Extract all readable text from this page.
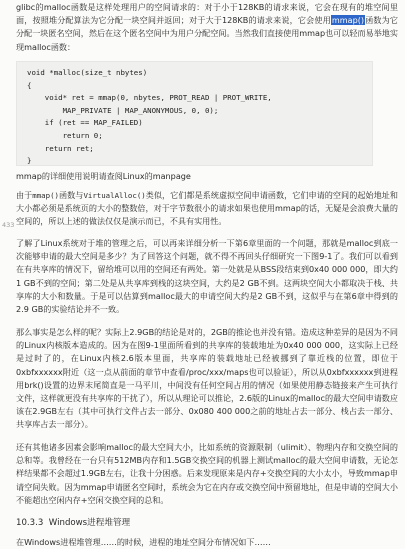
433
glibc的malloc函数是这样处理用户的空间请求的：对于小于128KB的请求来说，它会在现有的堆空间里面，按照堆分配算法为它分配一块空间并返回；对于大于128KB的请求来说，它会使用mmap()函数为它分配一块匿名空间，然后在这个匿名空间中为用户分配空间。当然我们直接使用mmap也可以轻而易举地实现malloc函数：
void *malloc(size_t nbytes)
{
void* ret = mmap(0, nbytes, PROT_READ | PROT_WRITE,
MAP_PRIVATE | MAP_ANONYMOUS, 0, 0);
if (ret == MAP_FAILED)
return 0;
return ret;
}
mmap的详细使用说明请查阅Linux的manpage
由于mmap()函数与VirtualAlloc()类似，它们都是系统虚拟空间申请函数，它们申请的空间的起始地址和大小都必须是系统页的大小的整数倍，对于字节数很小的请求如果也使用mmap的话，无疑是会浪费大量的空间的，所以上述的做法仅仅是演示而已，不具有实用性。
了解了Linux系统对于堆的管理之后，可以再来详细分析一下第6章里面的一个问题，那就是malloc到底一次能够申请的最大空间是多少？为了回答这个问题，就不得不再回头仔细研究一下图9-1了。我们可以看到在有共享库的情况下，留给堆可以用的空间还有两处。第一处就是从BSS段结束到0x40 000 000，即大约1 GB不到的空间；第二处是从共享库到栈的这块空间，大约是2 GB不到。这两块空间大小都取决于栈、共享库的大小和数量。于是可以估算到malloc最大的申请空间大约是2 GB不到，这似乎与在第6章中得到的2.9 GB的实验结论并不一致。
那么事实是怎么样的呢？实际上2.9GB的结论是对的，2GB的推论也并没有错。造成这种差异的是因为不同的Linux内核版本造成的。因为在图9-1里面所看到的共享库的装载地址为0x40 000 000，这实际上已经是过时了的，在Linux内核2.6版本里面，共享库的装载地址已经被挪到了靠近栈的位置，即位于0xbfxxxxxx附近（这一点从前面的章节中查看/proc/xxx/maps也可以验证），所以从0xbfxxxxxx到进程用brk()设置的边界末尾简直是一马平川，中间没有任何空间占用的情况（如果使用静态链接来产生可执行文件，这样就更没有共享库的干扰了），所以从理论可以推论，2.6版的Linux的malloc的最大空间申请数应该在2.9GB左右（其中可执行文件占去一部分、0x080 400 000之前的地址占去一部分、栈占去一部分、共享库占去一部分）。
还有其他诸多因素会影响malloc的最大空间大小，比如系统的资源限制（ulimit）、物理内存和交换空间的总和等。我曾经在一台只有512MB内存和1.5GB交换空间的机器上测试malloc的最大空间申请数，无论怎样结果都不会超过1.9GB左右，让我十分困惑。后来发现原来是内存+交换空间的大小太小，导致mmap申请空间失败。因为mmap申请匿名空间时，系统会为它在内存或交换空间中预留地址，但是申请的空间大小不能超出空闲内存+空闲交换空间的总和。
10.3.3  Windows进程堆管理
在Windows进程堆管理……的时候，进程的地址空间分布情况如下……
